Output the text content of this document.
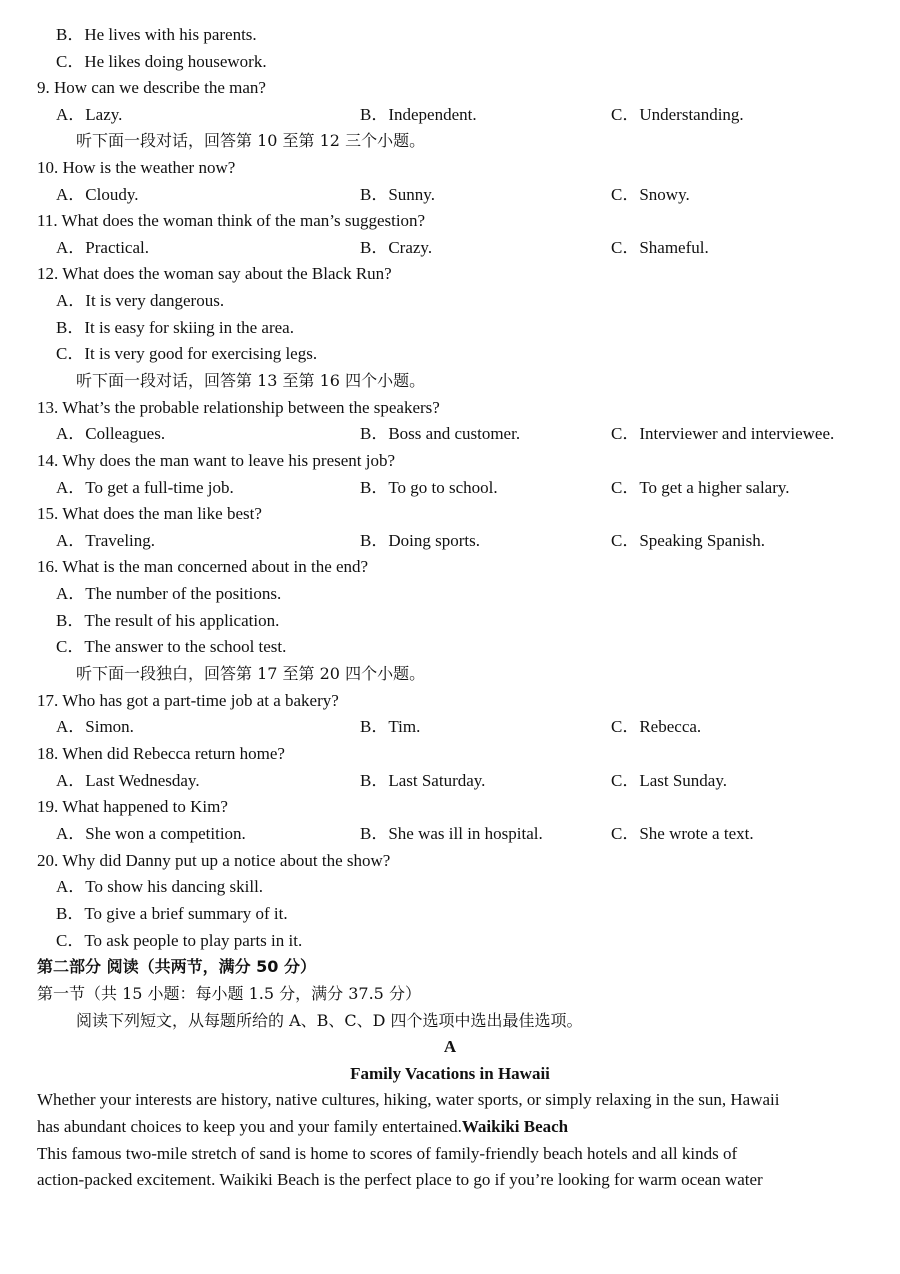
B．He lives with his parents.
C．He likes doing housework.
9. How can we describe the man?
A．Lazy.	B．Independent.	C．Understanding.
听下面一段对话，回答第 10 至第 12 三个小题。
10. How is the weather now?
A．Cloudy.	B．Sunny.	C．Snowy.
11. What does the woman think of the man’s suggestion?
A．Practical.	B．Crazy.	C．Shameful.
12. What does the woman say about the Black Run?
A．It is very dangerous.
B．It is easy for skiing in the area.
C．It is very good for exercising legs.
听下面一段对话，回答第 13 至第 16 四个小题。
13. What’s the probable relationship between the speakers?
A．Colleagues.	B．Boss and customer.	C．Interviewer and interviewee.
14. Why does the man want to leave his present job?
A．To get a full-time job.	B．To go to school.	C．To get a higher salary.
15. What does the man like best?
A．Traveling.	B．Doing sports.	C．Speaking Spanish.
16. What is the man concerned about in the end?
A．The number of the positions.
B．The result of his application.
C．The answer to the school test.
听下面一段独白，回答第 17 至第 20 四个小题。
17. Who has got a part-time job at a bakery?
A．Simon.	B．Tim.	C．Rebecca.
18. When did Rebecca return home?
A．Last Wednesday.	B．Last Saturday.	C．Last Sunday.
19. What happened to Kim?
A．She won a competition.	B．She was ill in hospital.	C．She wrote a text.
20. Why did Danny put up a notice about the show?
A．To show his dancing skill.
B．To give a brief summary of it.
C．To ask people to play parts in it.
第二部分 阅读（共两节，满分 50 分）
第一节（共 15 小题：每小题 1.5 分，满分 37.5 分）
阅读下列短文，从每题所给的 A、B、C、D 四个选项中选出最佳选项。
A
Family Vacations in Hawaii
Whether your interests are history, native cultures, hiking, water sports, or simply relaxing in the sun, Hawaii
has abundant choices to keep you and your family entertained.Waikiki Beach
This famous two-mile stretch of sand is home to scores of family-friendly beach hotels and all kinds of
action-packed excitement. Waikiki Beach is the perfect place to go if you’re looking for warm ocean water
